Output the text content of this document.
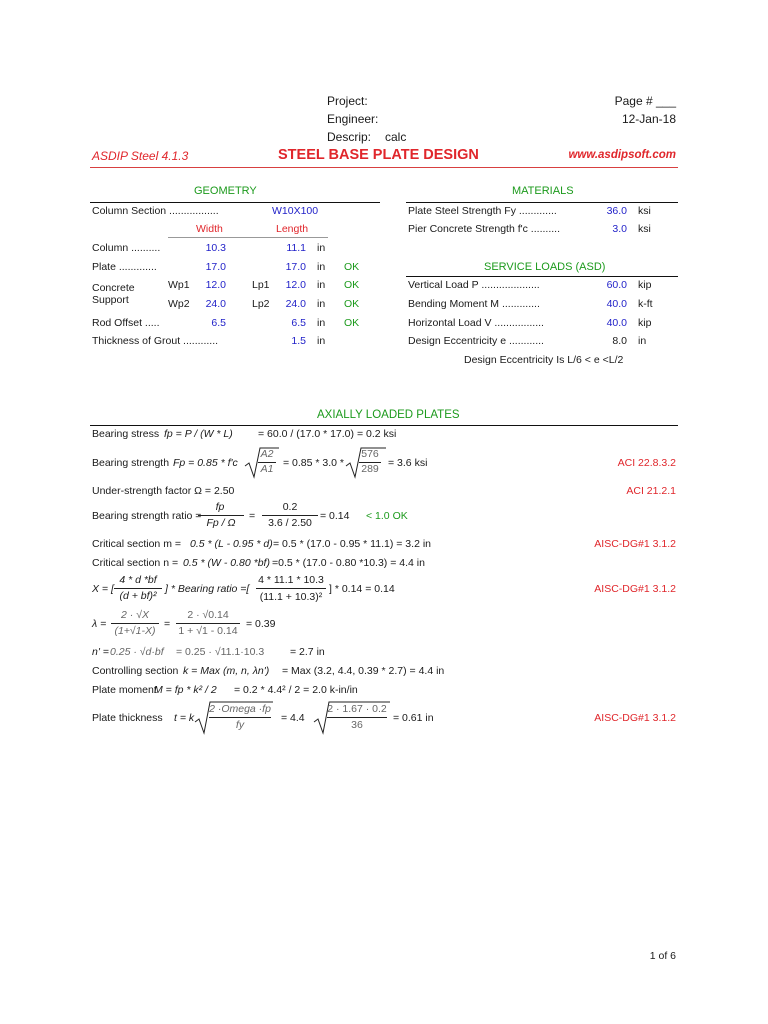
Project:
Engineer:
Descrip: calc
Page # ___
12-Jan-18
ASDIP Steel 4.1.3	STEEL BASE PLATE DESIGN	www.asdipsoft.com
GEOMETRY
Column Section .................	W10X100
Width	Length
Column ..........	10.3	11.1 in
Plate .............	17.0	17.0 in OK
Concrete
Support
Wp1 12.0 Lp1 12.0 in OK
Wp2 24.0 Lp2 24.0 in OK
Rod Offset .....	6.5	6.5 in OK
Thickness of Grout ............	1.5 in
MATERIALS
Plate Steel Strength Fy .............	36.0 ksi
Pier Concrete Strength f'c ..........	3.0 ksi
SERVICE LOADS (ASD)
Vertical Load P ....................	60.0 kip
Bending Moment M .............	40.0 k-ft
Horizontal Load V .................	40.0 kip
Design Eccentricity e ............	8.0 in
Design Eccentricity Is L/6 < e <L/2
AXIALLY LOADED PLATES
Bearing stress fp = P / (W * L) = 60.0 / (17.0 * 17.0) = 0.2 ksi
Bearing strength Fp = 0.85 * f'c
A2
A1 = 0.85 * 3.0 *
576
289 = 3.6 ksi	ACI 22.8.3.2
Under-strength factor Ω = 2.50	ACI 21.2.1
Bearing strength ratio =
fp
Fp / Ω
=
0.2
3.6 / 2.50
= 0.14 < 1.0 OK
Critical section m = 0.5 * (L - 0.95 * d) = 0.5 * (17.0 - 0.95 * 11.1) = 3.2 in	AISC-DG#1 3.1.2
Critical section n = 0.5 * (W - 0.80 *bf) =0.5 * (17.0 - 0.80 *10.3) = 4.4 in
X = [
4 * d *bf
(d + bf)²
] * Bearing ratio =[
4 * 11.1 * 10.3
(11.1 + 10.3)²
] * 0.14 = 0.14	AISC-DG#1 3.1.2
λ =
2 · √X
(1+√1-X)
=
2 · √0.14
1 + √1 - 0.14
= 0.39
n' = 0.25 · √d·bf = 0.25 · √11.1·10.3 = 2.7 in
Controlling section k = Max (m, n, λn') = Max (3.2, 4.4, 0.39 * 2.7) = 4.4 in
Plate moment
M = fp * k² / 2 = 0.2 * 4.4² / 2 = 2.0 k-in/in
Plate thickness t = k
2 ·Omega ·fp
fy
= 4.4
2 · 1.67 · 0.2
36
= 0.61 in	AISC-DG#1 3.1.2
1 of 6
